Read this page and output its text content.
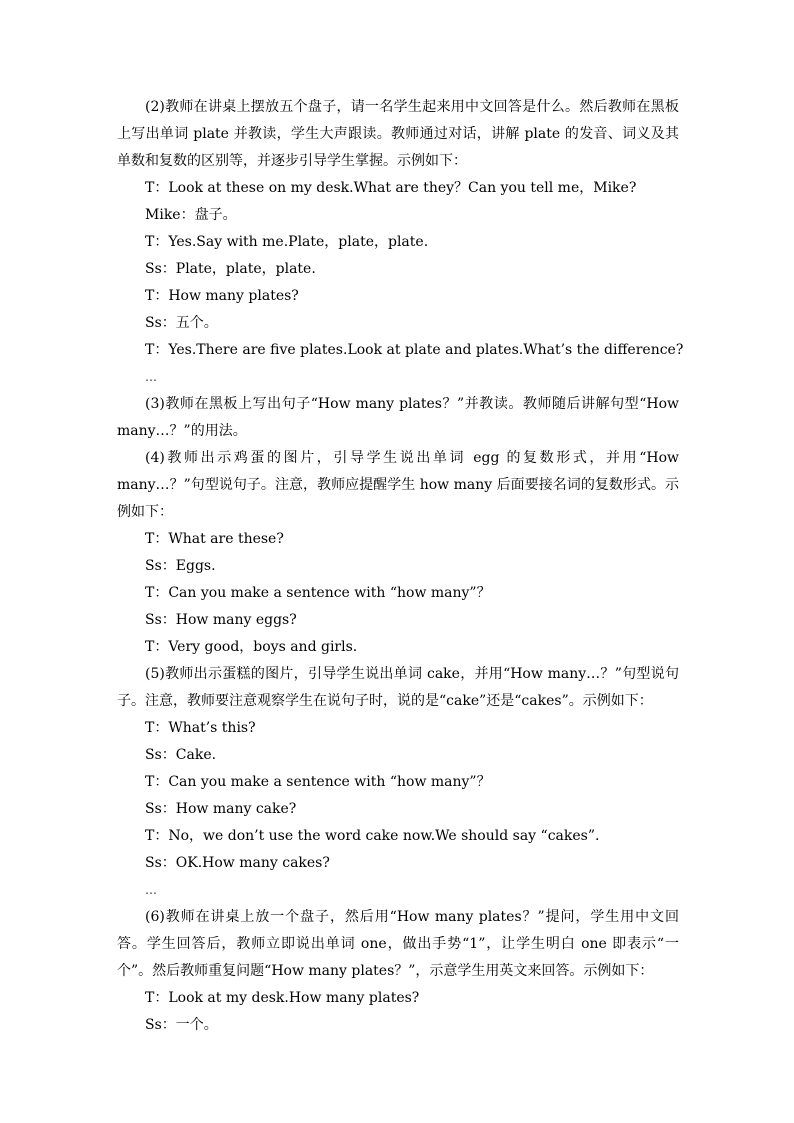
(2)教师在讲桌上摆放五个盘子，请一名学生起来用中文回答是什么。然后教师在黑板上写出单词 plate 并教读，学生大声跟读。教师通过对话，讲解 plate 的发音、词义及其单数和复数的区别等，并逐步引导学生掌握。示例如下：

T：Look at these on my desk.What are they？Can you tell me，Mike?

Mike：盘子。

T：Yes.Say with me.Plate，plate，plate.

Ss：Plate，plate，plate.

T：How many plates?

Ss：五个。

T：Yes.There are five plates.Look at plate and plates.What’s the difference?

…

(3)教师在黑板上写出句子“How many plates？”并教读。教师随后讲解句型“How many…？”的用法。

(4)教师出示鸡蛋的图片，引导学生说出单词 egg 的复数形式，并用“How many…？”句型说句子。注意，教师应提醒学生 how many 后面要接名词的复数形式。示例如下：

T：What are these?

Ss：Eggs.

T：Can you make a sentence with “how many”？

Ss：How many eggs?

T：Very good，boys and girls.

(5)教师出示蛋糕的图片，引导学生说出单词 cake，并用“How many…？”句型说句子。注意，教师要注意观察学生在说句子时，说的是“cake”还是“cakes”。示例如下：

T：What’s this?

Ss：Cake.

T：Can you make a sentence with “how many”？

Ss：How many cake?

T：No，we don’t use the word cake now.We should say “cakes”.

Ss：OK.How many cakes?

…

(6)教师在讲桌上放一个盘子，然后用“How many plates？”提问，学生用中文回答。学生回答后，教师立即说出单词 one，做出手势“1”，让学生明白 one 即表示“一个”。然后教师重复问题“How many plates？”，示意学生用英文来回答。示例如下：

T：Look at my desk.How many plates?

Ss：一个。
